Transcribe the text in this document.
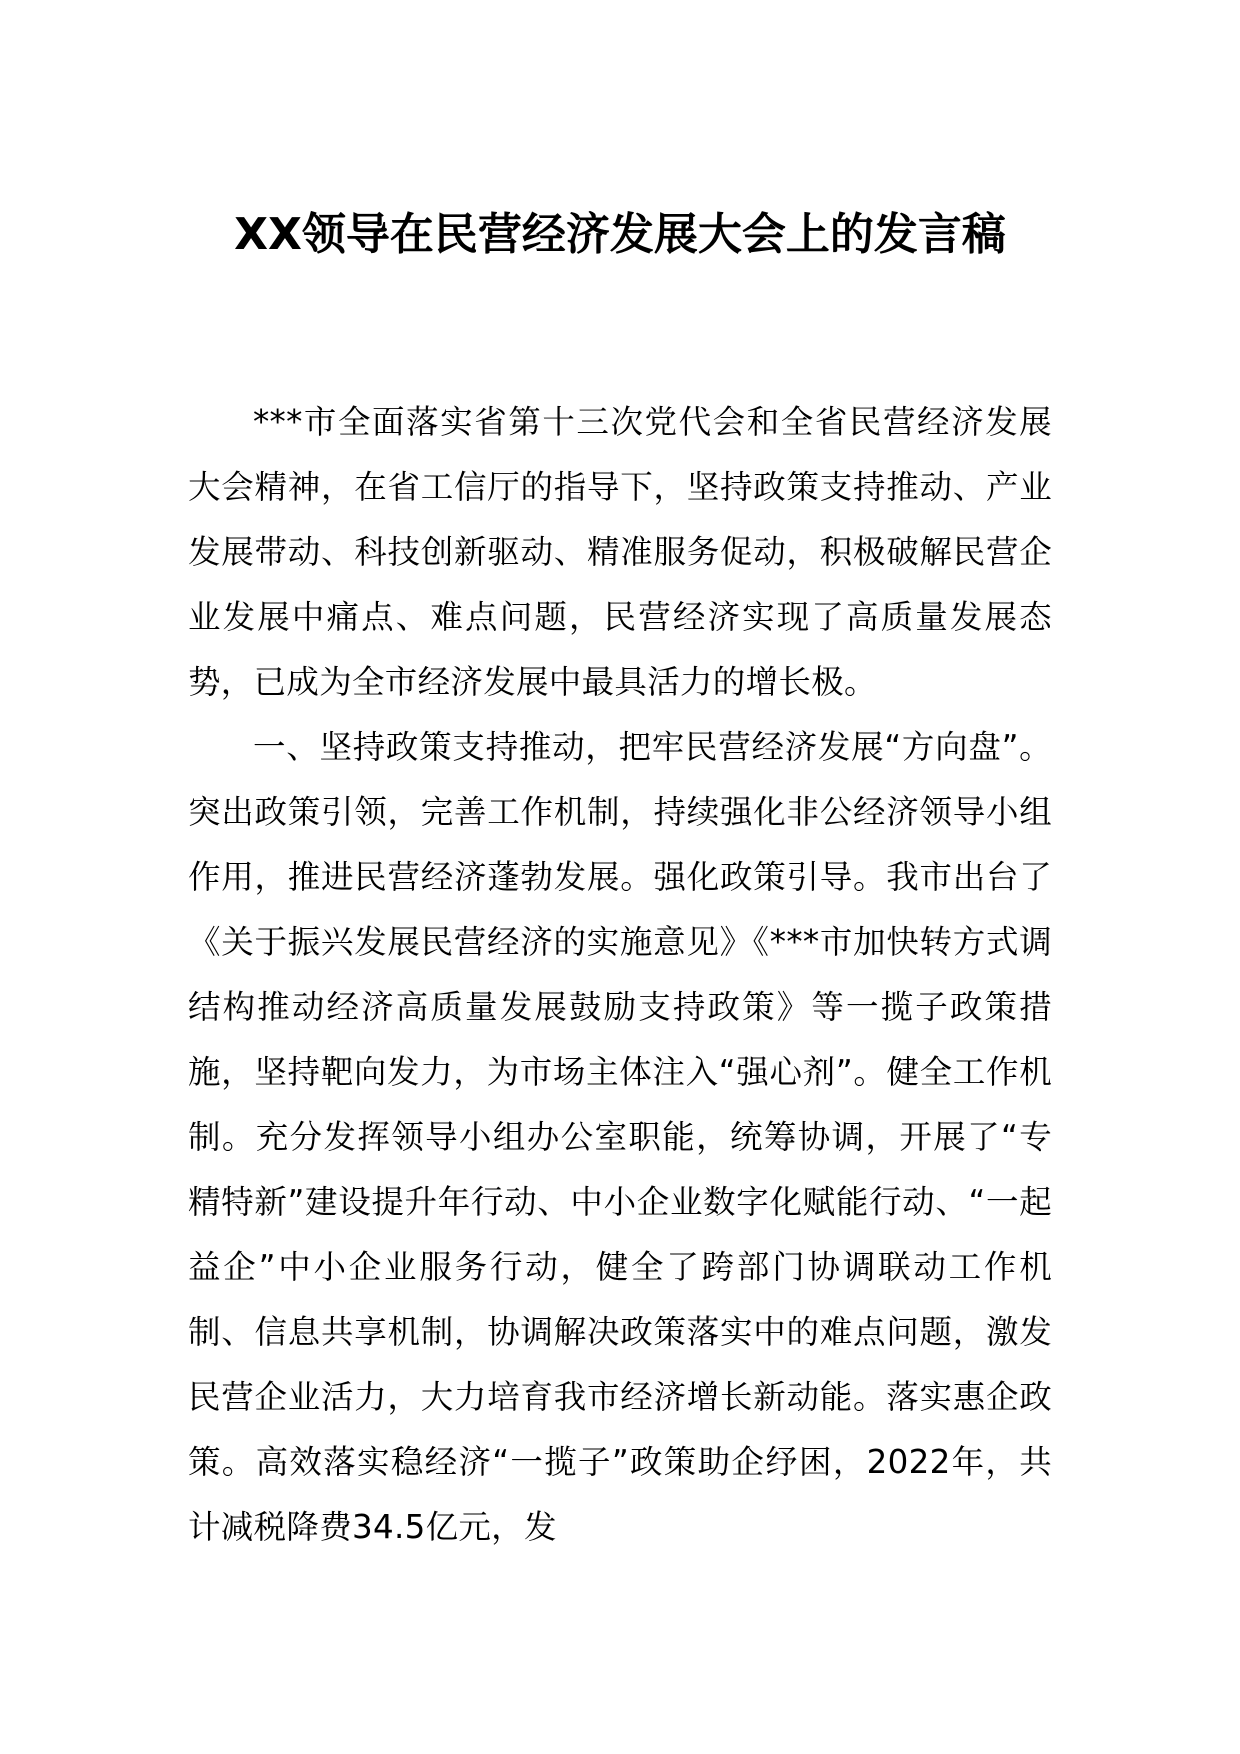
XX领导在民营经济发展大会上的发言稿

***市全面落实省第十三次党代会和全省民营经济发展大会精神，在省工信厅的指导下，坚持政策支持推动、产业发展带动、科技创新驱动、精准服务促动，积极破解民营企业发展中痛点、难点问题，民营经济实现了高质量发展态势，已成为全市经济发展中最具活力的增长极。

一、坚持政策支持推动，把牢民营经济发展“方向盘”。突出政策引领，完善工作机制，持续强化非公经济领导小组作用，推进民营经济蓬勃发展。强化政策引导。我市出台了《关于振兴发展民营经济的实施意见》《***市加快转方式调结构推动经济高质量发展鼓励支持政策》等一揽子政策措施，坚持靶向发力，为市场主体注入“强心剂”。健全工作机制。充分发挥领导小组办公室职能，统筹协调，开展了“专精特新”建设提升年行动、中小企业数字化赋能行动、“一起益企”中小企业服务行动，健全了跨部门协调联动工作机制、信息共享机制，协调解决政策落实中的难点问题，激发民营企业活力，大力培育我市经济增长新动能。落实惠企政策。高效落实稳经济“一揽子”政策助企纾困，2022年，共计减税降费34.5亿元，发
